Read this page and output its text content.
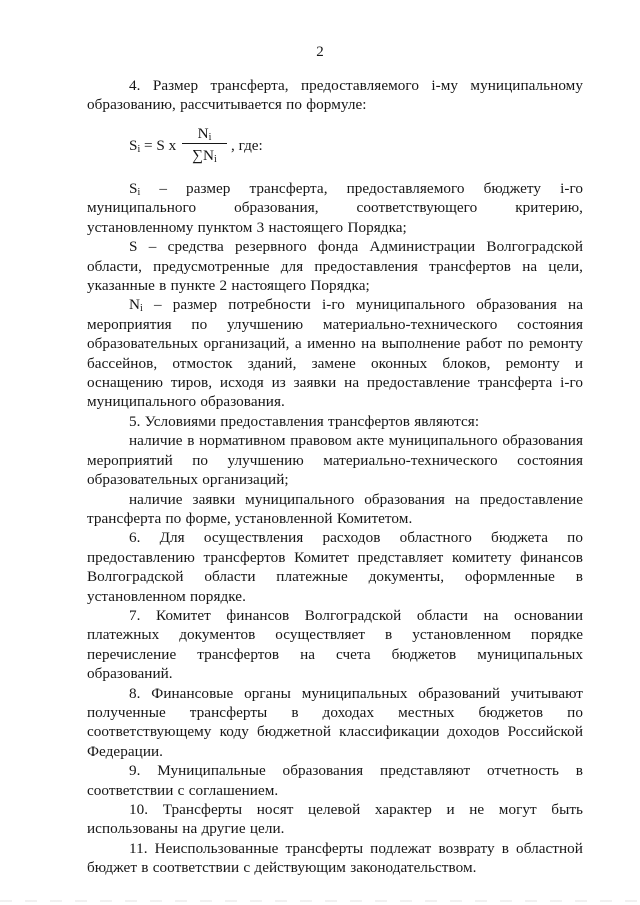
2

4. Размер трансферта, предоставляемого i-му муниципальному образованию, рассчитывается по формуле:

$S_i = S$ x $\frac{N_i}{\sum N_i}$ , где:

$S_i$ – размер трансферта, предоставляемого бюджету i-го муниципального образования, соответствующего критерию, установленному пунктом 3 настоящего Порядка;

S – средства резервного фонда Администрации Волгоградской области, предусмотренные для предоставления трансфертов на цели, указанные в пункте 2 настоящего Порядка;

$N_i$ – размер потребности i-го муниципального образования на мероприятия по улучшению материально-технического состояния образовательных организаций, а именно на выполнение работ по ремонту бассейнов, отмосток зданий, замене оконных блоков, ремонту и оснащению тиров, исходя из заявки на предоставление трансферта i-го муниципального образования.

5. Условиями предоставления трансфертов являются:

наличие в нормативном правовом акте муниципального образования мероприятий по улучшению материально-технического состояния образовательных организаций;

наличие заявки муниципального образования на предоставление трансферта по форме, установленной Комитетом.

6. Для осуществления расходов областного бюджета по предоставлению трансфертов Комитет представляет комитету финансов Волгоградской области платежные документы, оформленные в установленном порядке.

7. Комитет финансов Волгоградской области на основании платежных документов осуществляет в установленном порядке перечисление трансфертов на счета бюджетов муниципальных образований.

8. Финансовые органы муниципальных образований учитывают полученные трансферты в доходах местных бюджетов по соответствующему коду бюджетной классификации доходов Российской Федерации.

9. Муниципальные образования представляют отчетность в соответствии с соглашением.

10. Трансферты носят целевой характер и не могут быть использованы на другие цели.

11. Неиспользованные трансферты подлежат возврату в областной бюджет в соответствии с действующим законодательством.
